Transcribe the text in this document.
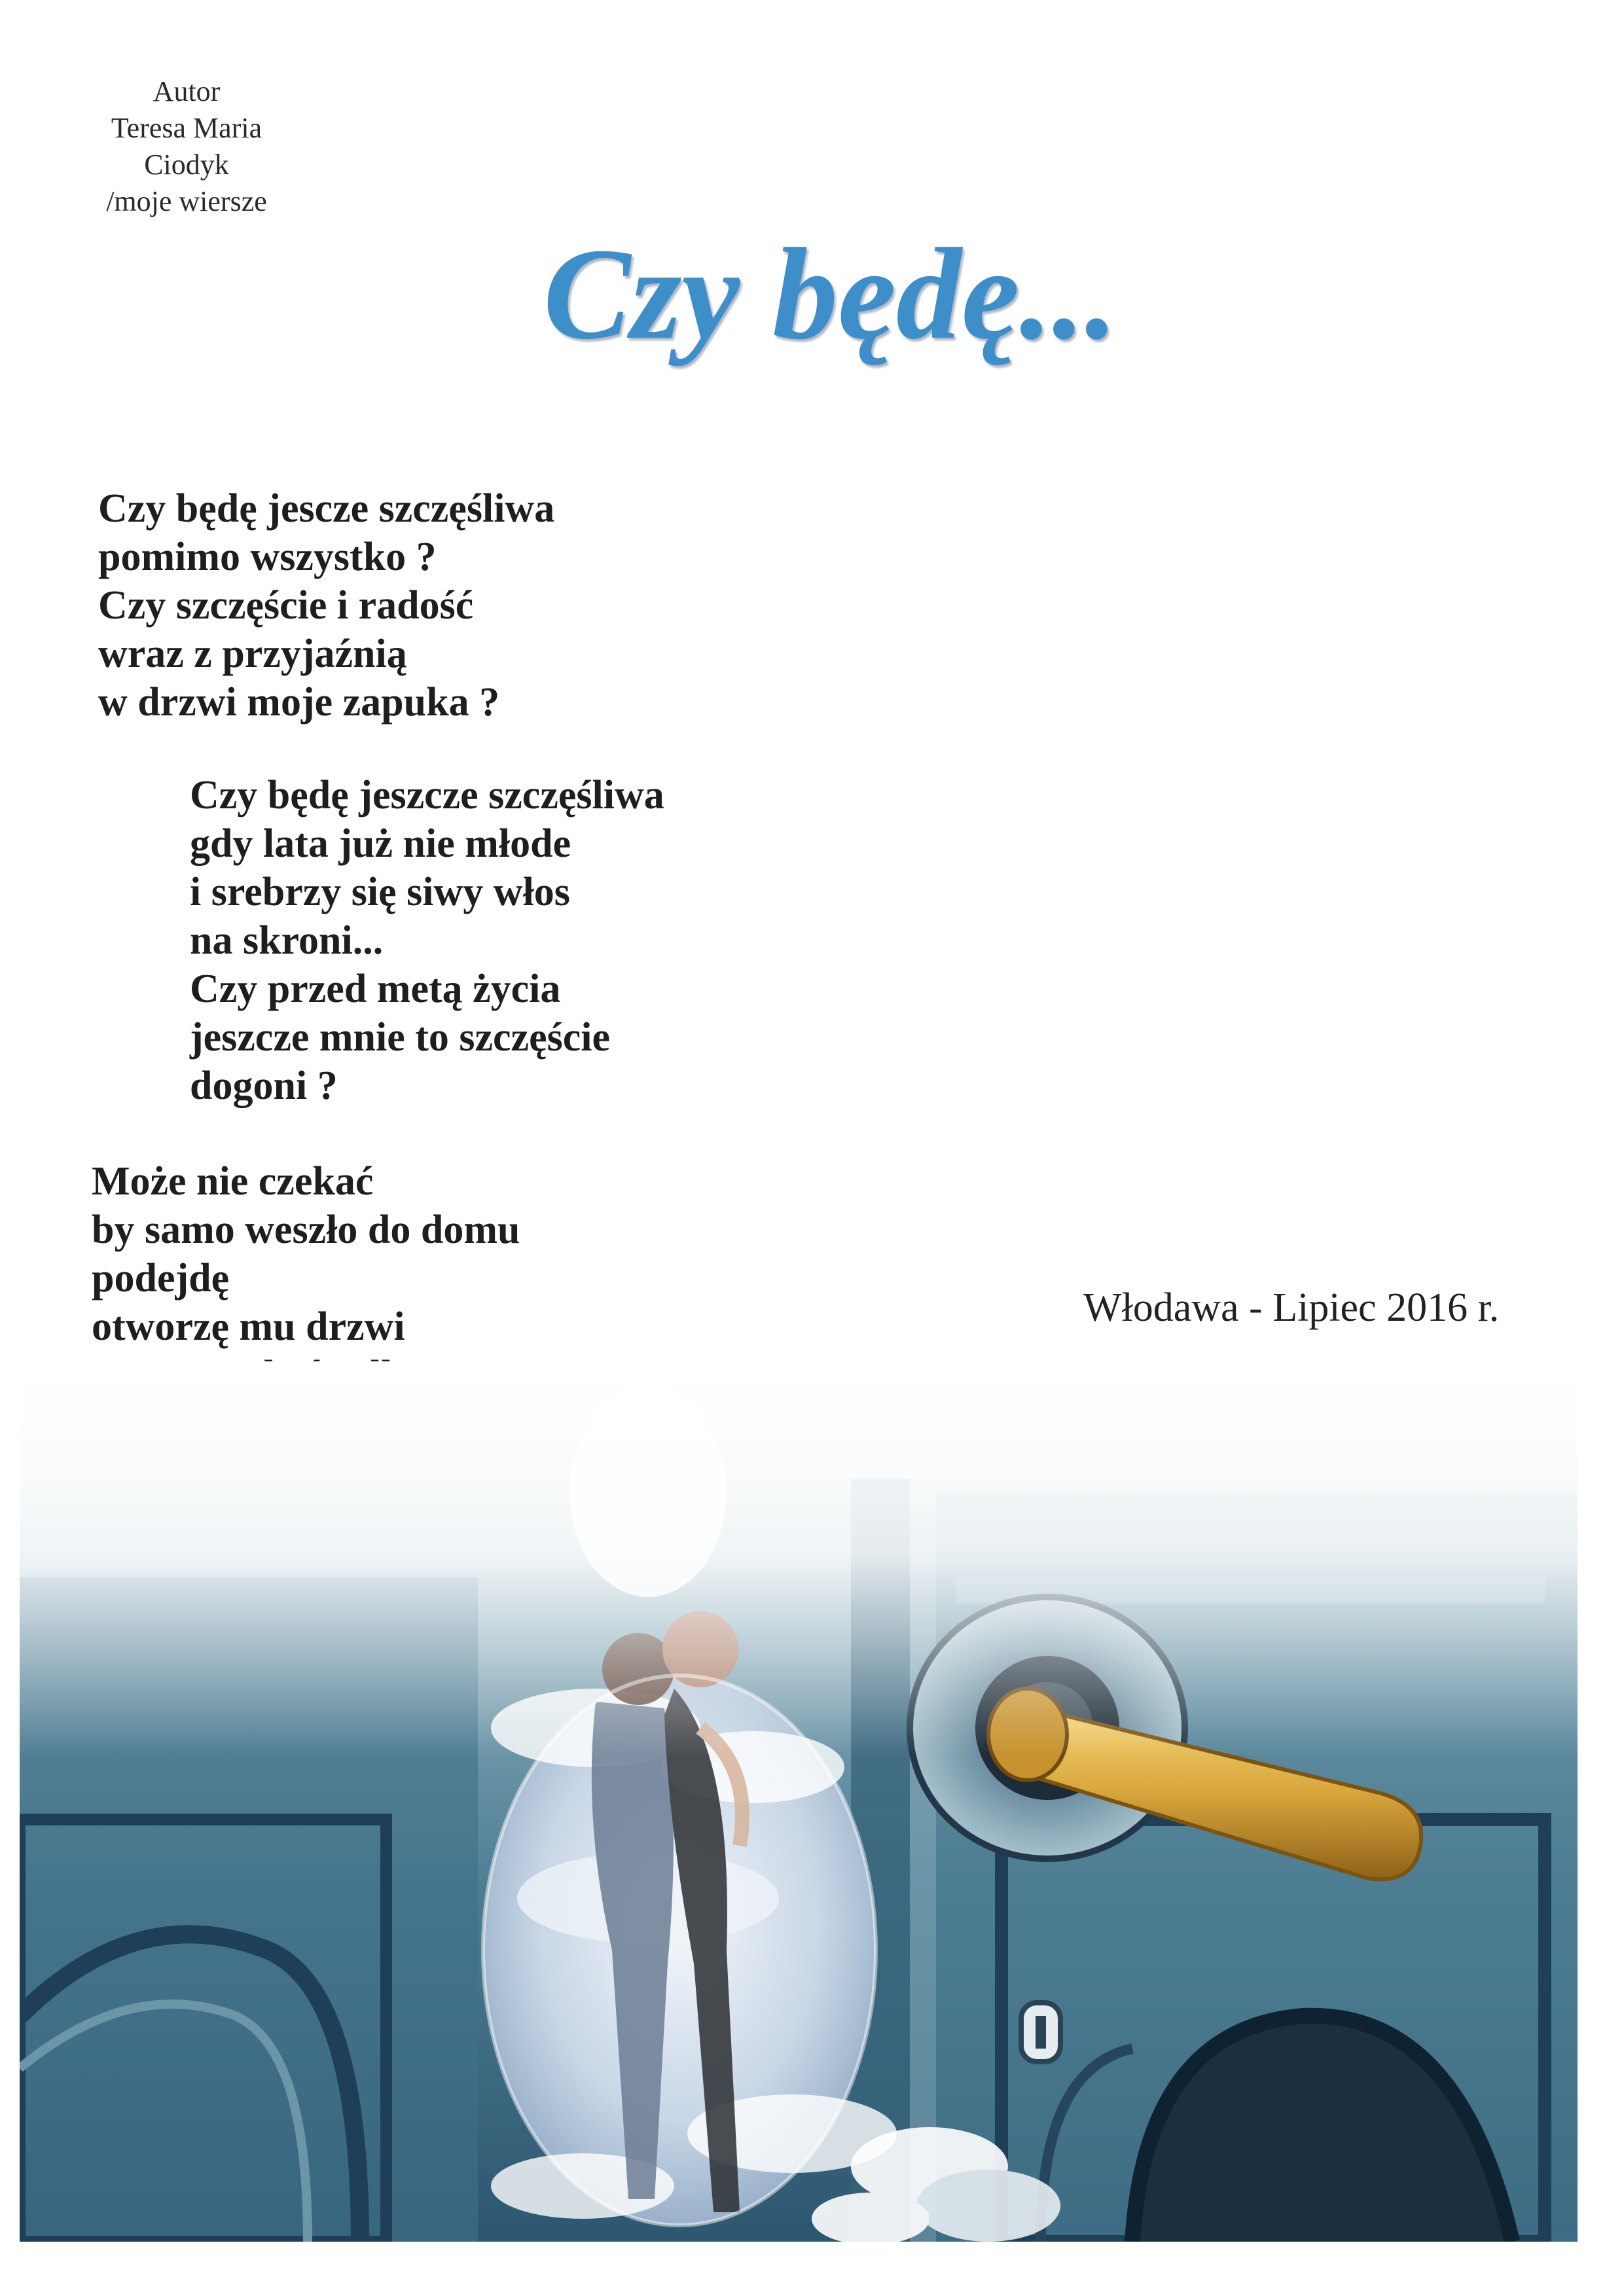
Autor
Teresa Maria
Ciodyk
/moje wiersze
Czy będę...
Czy będę jescze szczęśliwa
pomimo wszystko ?
Czy szczęście i radość
wraz z przyjaźnią
w drzwi moje zapuka ?
Czy będę jeszcze szczęśliwa
gdy lata już nie młode
i srebrzy się siwy włos
na skroni...
Czy przed metą życia
jeszcze mnie to szczęście
dogoni ?
Może nie czekać
by samo weszło do domu
podejdę
otworzę mu drzwi	Włodawa - Lipiec 2016 r.
